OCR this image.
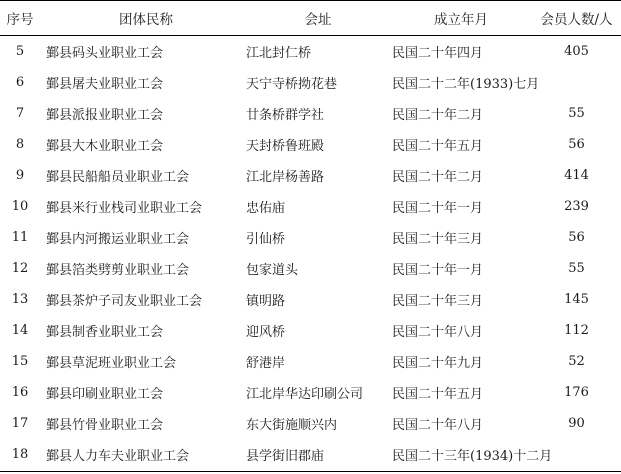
序号	团体民称	会址	成立年月	会员人数/人
5	鄞县码头业职业工会	江北封仁桥	民国二十年四月	405
6	鄞县屠夫业职业工会	天宁寺桥拗花巷	民国二十二年(1933)七月	
7	鄞县派报业职业工会	廿条桥群学社	民国二十年二月	55
8	鄞县大木业职业工会	天封桥鲁班殿	民国二十年五月	56
9	鄞县民船船员业职业工会	江北岸杨善路	民国二十年二月	414
10	鄞县米行业栈司业职业工会	忠佑庙	民国二十年一月	239
11	鄞县内河搬运业职业工会	引仙桥	民国二十年三月	56
12	鄞县箔类劈剪业职业工会	包家道头	民国二十年一月	55
13	鄞县茶炉子司友业职业工会	镇明路	民国二十年三月	145
14	鄞县制香业职业工会	迎风桥	民国二十年八月	112
15	鄞县草泥班业职业工会	舒港岸	民国二十年九月	52
16	鄞县印刷业职业工会	江北岸华达印刷公司	民国二十年五月	176
17	鄞县竹骨业职业工会	东大街施顺兴内	民国二十年八月	90
18	鄞县人力车夫业职业工会	县学街旧郡庙	民国二十三年(1934)十二月	
